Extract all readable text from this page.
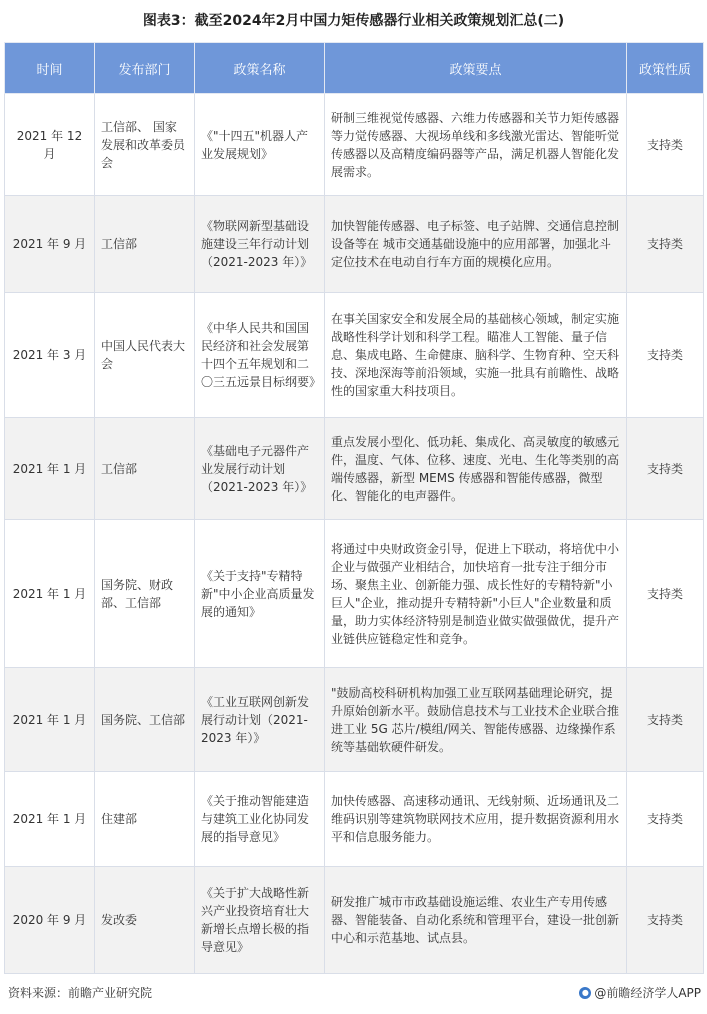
图表3：截至2024年2月中国力矩传感器行业相关政策规划汇总(二)
时间	发布部门	政策名称	政策要点	政策性质
2021 年 12 月	工信部、 国家发展和改革委员会	《"十四五"机器人产业发展规划》	研制三维视觉传感器、六维力传感器和关节力矩传感器等力觉传感器、大视场单线和多线激光雷达、智能听觉传感器以及高精度编码器等产品，满足机器人智能化发展需求。	支持类
2021 年 9 月	工信部	《物联网新型基础设施建设三年行动计划（2021-2023 年）》	加快智能传感器、电子标签、电子站牌、交通信息控制设备等在 城市交通基础设施中的应用部署，加强北斗定位技术在电动自行车方面的规模化应用。	支持类
2021 年 3 月	中国人民代表大会	《中华人民共和国国民经济和社会发展第十四个五年规划和二〇三五远景目标纲要》	在事关国家安全和发展全局的基础核心领域，制定实施战略性科学计划和科学工程。瞄准人工智能、量子信息、集成电路、生命健康、脑科学、生物育种、空天科技、深地深海等前沿领域，实施一批具有前瞻性、战略性的国家重大科技项目。	支持类
2021 年 1 月	工信部	《基础电子元器件产业发展行动计划（2021-2023 年）》	重点发展小型化、低功耗、集成化、高灵敏度的敏感元件，温度、气体、位移、速度、光电、生化等类别的高端传感器，新型 MEMS 传感器和智能传感器，微型化、智能化的电声器件。	支持类
2021 年 1 月	国务院、财政部、工信部	《关于支持"专精特新"中小企业高质量发展的通知》	将通过中央财政资金引导，促进上下联动，将培优中小企业与做强产业相结合，加快培育一批专注于细分市场、聚焦主业、创新能力强、成长性好的专精特新"小巨人"企业，推动提升专精特新"小巨人"企业数量和质量，助力实体经济特别是制造业做实做强做优，提升产业链供应链稳定性和竞争。	支持类
2021 年 1 月	国务院、工信部	《工业互联网创新发展行动计划（2021-2023 年）》	"鼓励高校科研机构加强工业互联网基础理论研究，提升原始创新水平。鼓励信息技术与工业技术企业联合推进工业 5G 芯片/模组/网关、智能传感器、边缘操作系统等基础软硬件研发。	支持类
2021 年 1 月	住建部	《关于推动智能建造与建筑工业化协同发展的指导意见》	加快传感器、高速移动通讯、无线射频、近场通讯及二维码识别等建筑物联网技术应用，提升数据资源利用水平和信息服务能力。	支持类
2020 年 9 月	发改委	《关于扩大战略性新兴产业投资培育壮大新增长点增长极的指导意见》	研发推广城市市政基础设施运维、农业生产专用传感器、智能装备、自动化系统和管理平台，建设一批创新中心和示范基地、试点县。	支持类
资料来源：前瞻产业研究院	● @前瞻经济学人APP
